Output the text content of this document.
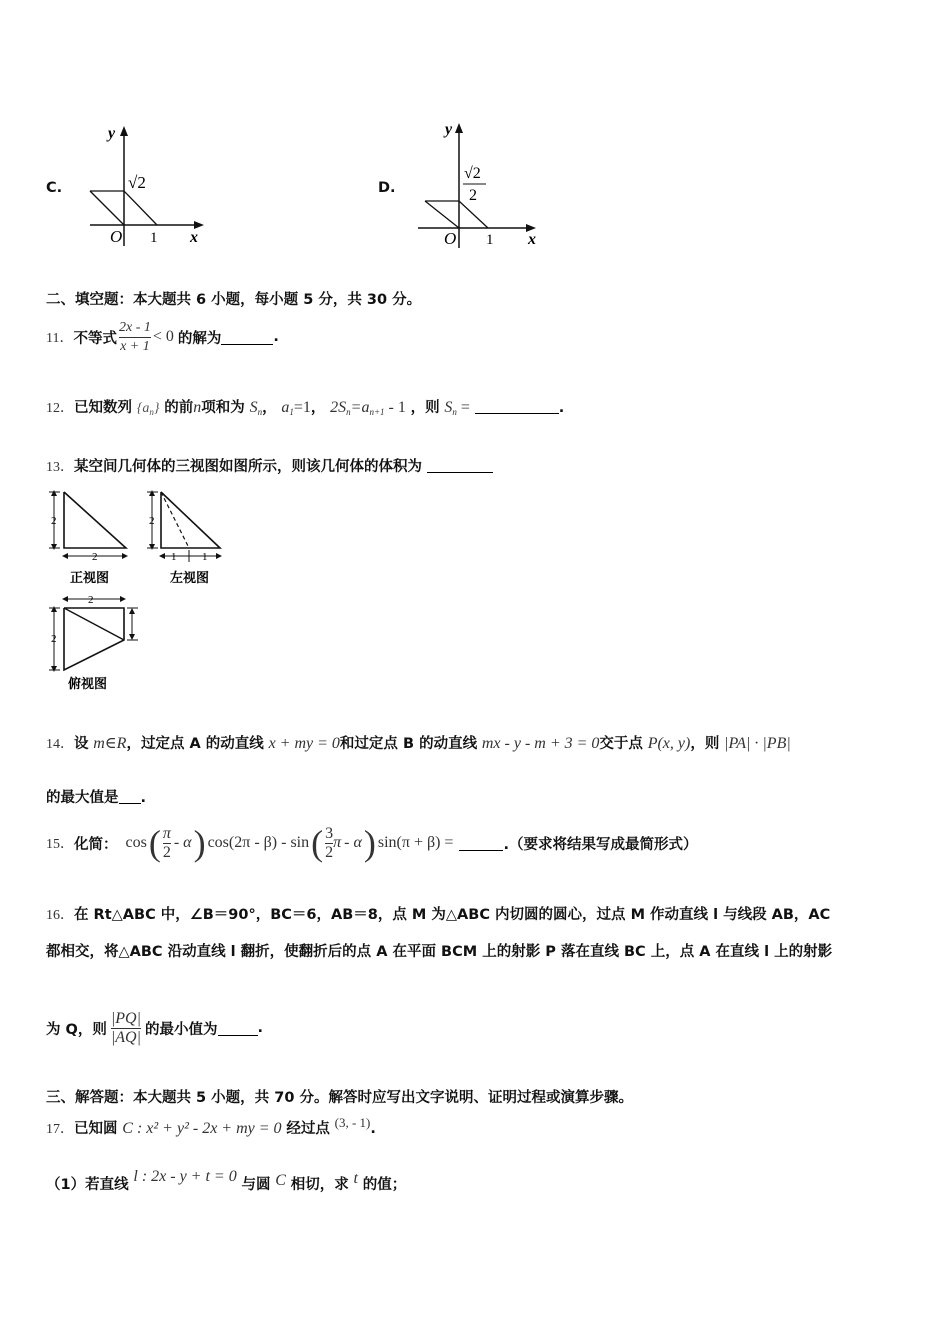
C.
y
x
O 1
√2	D.
y
x
O 1
√2
2
二、填空题：本大题共 6 小题，每小题 5 分，共 30 分。
11． 不等式 $\frac{2x - 1}{x + 1} < 0$ 的解为	.
12．已知数列 $\{a_n\}$ 的前n项和为 $S_n$， $a_1=1$， $2S_n=a_{n+1} - 1$ ，则 $S_n$ =	.
13．某空间几何体的三视图如图所示，则该几何体的体积为
2
2
正视图
2
1 1
左视图
2
2
俯视图
14．设 m∈R，过定点 A 的动直线 x + my = 0和过定点 B 的动直线 mx - y - m + 3 = 0交于点 P(x, y)，则 |PA| · |PB|
的最大值是 .
15． 化简： cos ( $\frac{\pi}{2}$ - α ) cos(2π - β) - sin ( $\frac{3}{2}$ π - α ) sin(π + β) =	.（要求将结果写成最简形式）
16．在 Rt△ABC 中，∠B＝90°，BC＝6，AB＝8，点 M 为△ABC 内切圆的圆心，过点 M 作动直线 l 与线段 AB，AC
都相交，将△ABC 沿动直线 l 翻折，使翻折后的点 A 在平面 BCM 上的射影 P 落在直线 BC 上，点 A 在直线 l 上的射影
为 Q，则 $\frac{|PQ|}{|AQ|}$ 的最小值为	.
三、解答题：本大题共 5 小题，共 70 分。解答时应写出文字说明、证明过程或演算步骤。
17．已知圆 C : x² + y² - 2x + my = 0 经过点 (3, - 1).
（1）若直线 l : 2x - y + t = 0 与圆 C 相切，求 t 的值；
